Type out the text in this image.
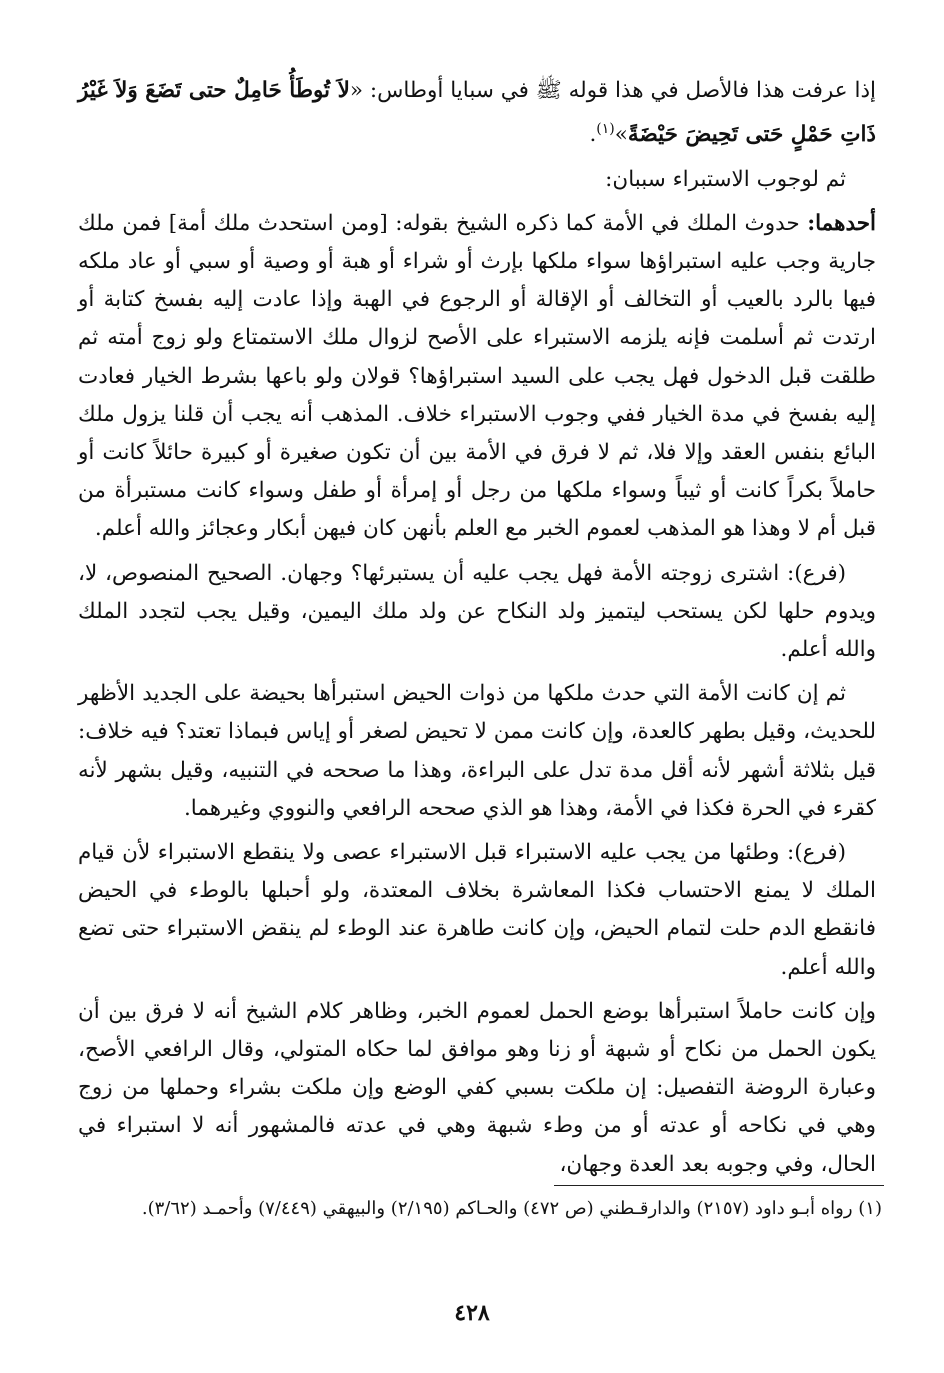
إذا عرفت هذا فالأصل في هذا قوله ﷺ في سبايا أوطاس: «لاَ تُوطَأُ حَامِلٌ حتى تَضَعَ وَلاَ غَيْرُ ذَاتِ حَمْلٍ حَتى تَحِيضَ حَيْضَةً»$^{(١)}$.

ثم لوجوب الاستبراء سببان:

أحدهما: حدوث الملك في الأمة كما ذكره الشيخ بقوله: [ومن استحدث ملك أمة] فمن ملك جارية وجب عليه استبراؤها سواء ملكها بإرث أو شراء أو هبة أو وصية أو سبي أو عاد ملكه فيها بالرد بالعيب أو التخالف أو الإقالة أو الرجوع في الهبة وإذا عادت إليه بفسخ كتابة أو ارتدت ثم أسلمت فإنه يلزمه الاستبراء على الأصح لزوال ملك الاستمتاع ولو زوج أمته ثم طلقت قبل الدخول فهل يجب على السيد استبراؤها؟ قولان ولو باعها بشرط الخيار فعادت إليه بفسخ في مدة الخيار ففي وجوب الاستبراء خلاف. المذهب أنه يجب أن قلنا يزول ملك البائع بنفس العقد وإلا فلا، ثم لا فرق في الأمة بين أن تكون صغيرة أو كبيرة حائلاً كانت أو حاملاً بكراً كانت أو ثيباً وسواء ملكها من رجل أو إمرأة أو طفل وسواء كانت مستبرأة من قبل أم لا وهذا هو المذهب لعموم الخبر مع العلم بأنهن كان فيهن أبكار وعجائز والله أعلم.

(فرع): اشترى زوجته الأمة فهل يجب عليه أن يستبرئها؟ وجهان. الصحيح المنصوص، لا، ويدوم حلها لكن يستحب ليتميز ولد النكاح عن ولد ملك اليمين، وقيل يجب لتجدد الملك والله أعلم.

ثم إن كانت الأمة التي حدث ملكها من ذوات الحيض استبرأها بحيضة على الجديد الأظهر للحديث، وقيل بطهر كالعدة، وإن كانت ممن لا تحيض لصغر أو إياس فبماذا تعتد؟ فيه خلاف: قيل بثلاثة أشهر لأنه أقل مدة تدل على البراءة، وهذا ما صححه في التنبيه، وقيل بشهر لأنه كقرء في الحرة فكذا في الأمة، وهذا هو الذي صححه الرافعي والنووي وغيرهما.

(فرع): وطئها من يجب عليه الاستبراء قبل الاستبراء عصى ولا ينقطع الاستبراء لأن قيام الملك لا يمنع الاحتساب فكذا المعاشرة بخلاف المعتدة، ولو أحبلها بالوطء في الحيض فانقطع الدم حلت لتمام الحيض، وإن كانت طاهرة عند الوطء لم ينقض الاستبراء حتى تضع والله أعلم.

وإن كانت حاملاً استبرأها بوضع الحمل لعموم الخبر، وظاهر كلام الشيخ أنه لا فرق بين أن يكون الحمل من نكاح أو شبهة أو زنا وهو موافق لما حكاه المتولي، وقال الرافعي الأصح، وعبارة الروضة التفصيل: إن ملكت بسبي كفي الوضع وإن ملكت بشراء وحملها من زوج وهي في نكاحه أو عدته أو من وطء شبهة وهي في عدته فالمشهور أنه لا استبراء في الحال، وفي وجوبه بعد العدة وجهان،

(١) رواه أبـو داود (٢١٥٧) والدارقـطني (ص ٤٧٢) والحـاكم (٢/١٩٥) والبيهقي (٧/٤٤٩) وأحمـد (٣/٦٢).
٤٢٨
